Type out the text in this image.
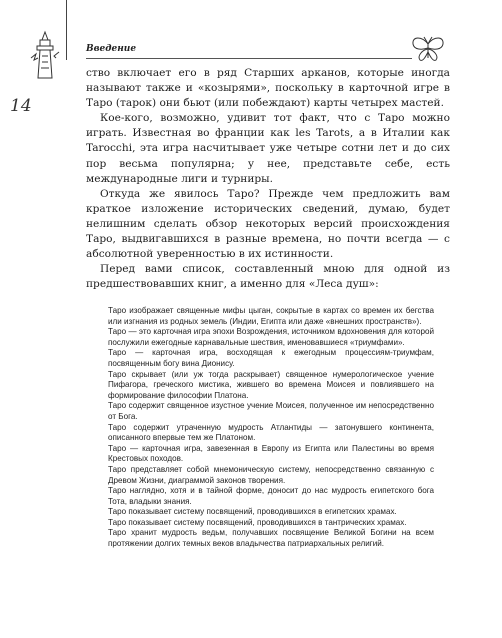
14
Введение

ство включает его в ряд Старших арканов, которые иногда называют также и «козырями», поскольку в карточной игре в Таро (тарок) они бьют (или побеждают) карты четырех мастей.

Кое-кого, возможно, удивит тот факт, что с Таро можно играть. Известная во франции как les Tarots, а в Италии как Tarocchi, эта игра насчитывает уже четыре сотни лет и до сих пор весьма популярна; у нее, представьте себе, есть международные лиги и турниры.

Откуда же явилось Таро? Прежде чем предложить вам краткое изложение исторических сведений, думаю, будет нелишним сделать обзор некоторых версий происхождения Таро, выдвигавшихся в разные времена, но почти всегда — с абсолютной уверенностью в их истинности.

Перед вами список, составленный мною для одной из предшествовавших книг, а именно для «Леса душ»:

Таро изображает священные мифы цыган, сокрытые в картах со времен их бегства или изгнания из родных земель (Индии, Египта или даже «внешних пространств»).

Таро — это карточная игра эпохи Возрождения, источником вдохновения для которой послужили ежегодные карнавальные шествия, именовавшиеся «триумфами».

Таро — карточная игра, восходящая к ежегодным процессиям-триумфам, посвященным богу вина Дионису.

Таро скрывает (или уж тогда раскрывает) священное нумерологическое учение Пифагора, греческого мистика, жившего во времена Моисея и повлиявшего на формирование философии Платона.

Таро содержит священное изустное учение Моисея, полученное им непосредственно от Бога.

Таро содержит утраченную мудрость Атлантиды — затонувшего континента, описанного впервые тем же Платоном.

Таро — карточная игра, завезенная в Европу из Египта или Палестины во время Крестовых походов.

Таро представляет собой мнемоническую систему, непосредственно связанную с Древом Жизни, диаграммой законов творения.

Таро наглядно, хотя и в тайной форме, доносит до нас мудрость египетского бога Тота, владыки знания.

Таро показывает систему посвящений, проводившихся в египетских храмах.

Таро показывает систему посвящений, проводившихся в тантрических храмах.

Таро хранит мудрость ведьм, получавших посвящение Великой Богини на всем протяжении долгих темных веков владычества патриархальных религий.
